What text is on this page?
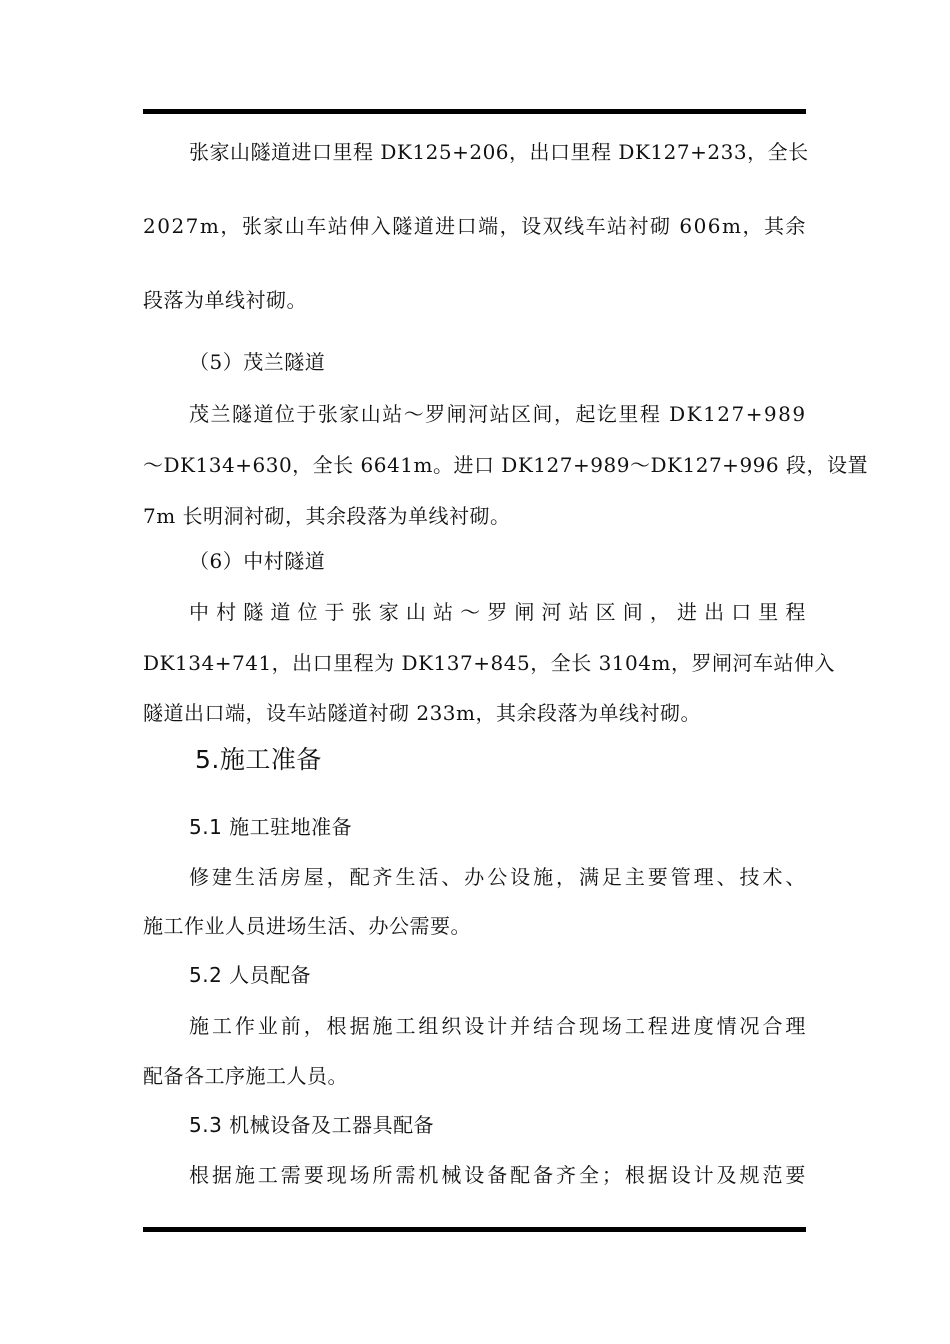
张 家 山 隧 道 进 口 里 程
D K 1 2 5 + 2 0 6 ， 出 口 里 程
D K 1 2 7 + 2 3 3 ， 全 长
2 0 2 7 m ， 张 家 山 车 站 伸 入 隧 道 进 口 端 ， 设 双 线 车 站 衬 砌
6 0 6 m ， 其 余
段落为单线衬砌。
（5）茂兰隧道
茂 兰 隧 道 位 于 张 家 山 站 ～ 罗 闸 河 站 区 间 ， 起 讫 里 程
D K 1 2 7 + 9 8 9
～ D K 1 3 4 + 6 3 0 ， 全 长
6 6 4 1 m 。 进 口
D K 1 2 7 + 9 8 9 ～ D K 1 2 7 + 9 9 6
段 ， 设 置
7m 长明洞衬砌，其余段落为单线衬砌。
（6）中村隧道
中 村 隧 道 位 于 张 家 山 站 ～ 罗 闸 河 站 区 间 ， 进 出 口 里 程
D K 1 3 4 + 7 4 1 ， 出 口 里 程 为
D K 1 3 7 + 8 4 5 ， 全 长
3 1 0 4 m ， 罗 闸 河 车 站 伸 入
隧道出口端，设车站隧道衬砌 233m，其余段落为单线衬砌。
5.施工准备
5.1 施工驻地准备
修 建 生 活 房 屋 ， 配 齐 生 活 、 办 公 设 施 ， 满 足 主 要 管 理 、 技 术 、
施工作业人员进场生活、办公需要。
5.2 人员配备
施 工 作 业 前 ， 根 据 施 工 组 织 设 计 并 结 合 现 场 工 程 进 度 情 况 合 理
配备各工序施工人员。
5.3 机械设备及工器具配备
根 据 施 工 需 要 现 场 所 需 机 械 设 备 配 备 齐 全 ； 根 据 设 计 及 规 范 要
